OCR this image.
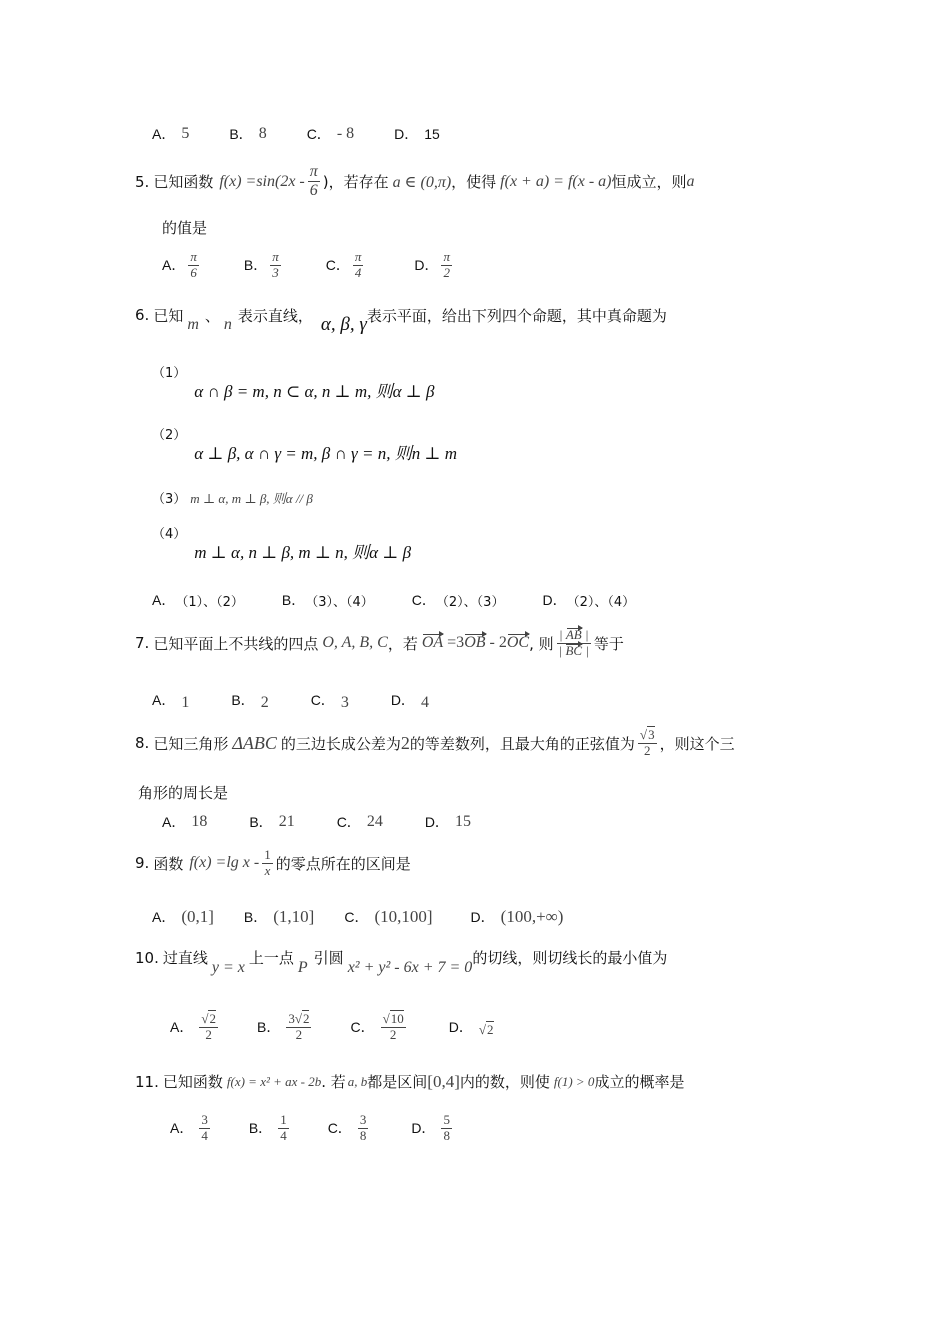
A． 5	B． 8	C． - 8	D． 15
5. 已知函数 $f(x) =\sin(2x - \frac{\pi}{6}$ )，若存在 a ∈ (0,π) ，使得 f(x + a) = f(x - a) 恒成立，则 a
的值是
A． $\frac{\pi}{6}$	B． $\frac{\pi}{3}$	C． $\frac{\pi}{4}$	D． $\frac{\pi}{2}$
6. 已知 m 、 n 表示直线， α, β, γ 表示平面，给出下列四个命题，其中真命题为
（1）
α ∩ β = m, n ⊂ α, n ⊥ m, 则α ⊥ β
（2）
α ⊥ β, α ∩ γ = m, β ∩ γ = n, 则n ⊥ m
（3） m ⊥ α, m ⊥ β, 则α // β
（4）
m ⊥ α, n ⊥ β, m ⊥ n, 则α ⊥ β
A． （1）、（2）	B． （3）、（4）	C． （2）、（3）	D． （2）、（4）
7. 已知平面上不共线的四点 O, A, B, C ，若 OA =3 OB - 2 OC , 则 $\frac{| AB |}{| BC |}$ 等于
A． 1	B． 2	C． 3	D． 4
8. 已知三角形 ΔABC 的三边长成公差为 2 的等差数列，且最大角的正弦值为 $\frac{√3}{2}$ ，则这个三
角形的周长是
A． 18	B． 21	C． 24	D． 15
9. 函数 f(x) =lg x - $\frac{1}{x}$ 的零点所在的区间是
A． (0,1] B． (1,10] C． (10,100]	D． (100,+∞)
10. 过直线 y = x 上一点 P 引圆 x² + y² - 6x + 7 = 0 的切线，则切线长的最小值为
A． $\frac{√2}{2}$	B． $\frac{3√2}{2}$	C． $\frac{√10}{2}$	D． √2
11. 已知函数 f(x) = x² + ax - 2b . 若 a, b 都是区间 [0,4] 内的数，则使 f(1) > 0 成立的概率是
A． $\frac{3}{4}$	B． $\frac{1}{4}$	C． $\frac{3}{8}$	D． $\frac{5}{8}$
